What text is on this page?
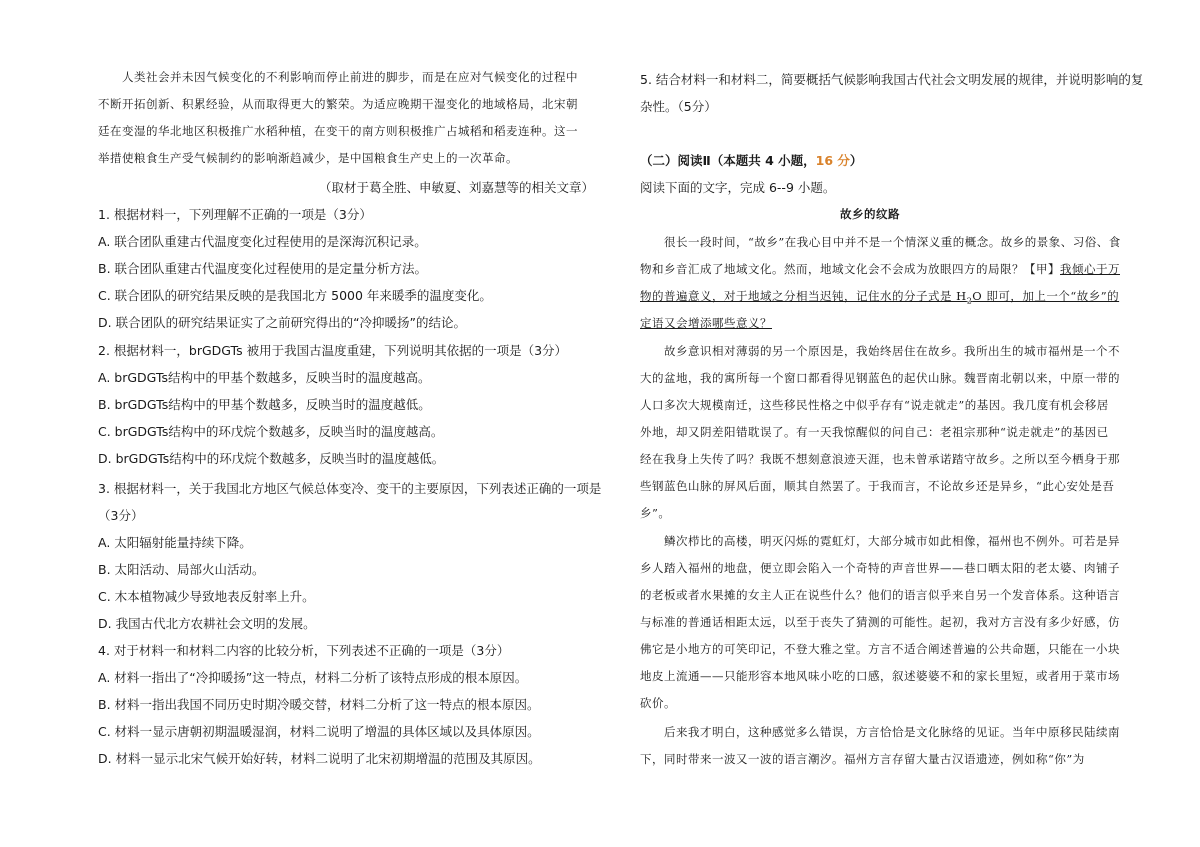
　　人类社会并未因气候变化的不利影响而停止前进的脚步，而是在应对气候变化的过程中
不断开拓创新、积累经验，从而取得更大的繁荣。为适应晚期干湿变化的地域格局，北宋朝
廷在变湿的华北地区积极推广水稻种植，在变干的南方则积极推广占城稻和稻麦连种。这一
举措使粮食生产受气候制约的影响渐趋减少，是中国粮食生产史上的一次革命。
（取材于葛全胜、申敏夏、刘嘉慧等的相关文章）
1. 根据材料一，下列理解不正确的一项是（3分）
A. 联合团队重建古代温度变化过程使用的是深海沉积记录。
B. 联合团队重建古代温度变化过程使用的是定量分析方法。
C. 联合团队的研究结果反映的是我国北方 5000 年来暖季的温度变化。
D. 联合团队的研究结果证实了之前研究得出的“冷抑暖扬”的结论。
2. 根据材料一，brGDGTs 被用于我国古温度重建，下列说明其依据的一项是（3分）
A. brGDGTs结构中的甲基个数越多，反映当时的温度越高。
B. brGDGTs结构中的甲基个数越多，反映当时的温度越低。
C. brGDGTs结构中的环戊烷个数越多，反映当时的温度越高。
D. brGDGTs结构中的环戊烷个数越多，反映当时的温度越低。
3. 根据材料一，关于我国北方地区气候总体变冷、变干的主要原因，下列表述正确的一项是
（3分）
A. 太阳辐射能量持续下降。
B. 太阳活动、局部火山活动。
C. 木本植物减少导致地表反射率上升。
D. 我国古代北方农耕社会文明的发展。
4. 对于材料一和材料二内容的比较分析，下列表述不正确的一项是（3分）
A. 材料一指出了“冷抑暖扬”这一特点，材料二分析了该特点形成的根本原因。
B. 材料一指出我国不同历史时期冷暖交替，材料二分析了这一特点的根本原因。
C. 材料一显示唐朝初期温暖湿润，材料二说明了增温的具体区域以及具体原因。
D. 材料一显示北宋气候开始好转，材料二说明了北宋初期增温的范围及其原因。
5. 结合材料一和材料二，简要概括气候影响我国古代社会文明发展的规律，并说明影响的复
杂性。（5分）
（二）阅读Ⅱ（本题共 4 小题，16 分）
阅读下面的文字，完成 6--9 小题。
故乡的纹路
　　很长一段时间，“故乡”在我心目中并不是一个情深义重的概念。故乡的景象、习俗、食
物和乡音汇成了地域文化。然而，地域文化会不会成为放眼四方的局限？【甲】我倾心于万
物的普遍意义，对于地域之分相当迟钝，记住水的分子式是 $H_2O$ 即可，加上一个“故乡”的
定语又会增添哪些意义？
　　故乡意识相对薄弱的另一个原因是，我始终居住在故乡。我所出生的城市福州是一个不
大的盆地，我的寓所每一个窗口都看得见钢蓝色的起伏山脉。魏晋南北朝以来，中原一带的
人口多次大规模南迁，这些移民性格之中似乎存有“说走就走”的基因。我几度有机会移居
外地，却又阴差阳错耽误了。有一天我惊醒似的问自己：老祖宗那种“说走就走”的基因已
经在我身上失传了吗？我既不想刻意浪迹天涯，也未曾承诺踏守故乡。之所以至今栖身于那
些钢蓝色山脉的屏风后面，顺其自然罢了。于我而言，不论故乡还是异乡，“此心安处是吾
乡”。
　　鳞次栉比的高楼，明灭闪烁的霓虹灯，大部分城市如此相像，福州也不例外。可若是异
乡人踏入福州的地盘，便立即会陷入一个奇特的声音世界——巷口晒太阳的老太婆、肉铺子
的老板或者水果摊的女主人正在说些什么？他们的语言似乎来自另一个发音体系。这种语言
与标准的普通话相距太远，以至于丧失了猜测的可能性。起初，我对方言没有多少好感，仿
佛它是小地方的可笑印记，不登大雅之堂。方言不适合阐述普遍的公共命题，只能在一小块
地皮上流通——只能形容本地风味小吃的口感，叙述婆婆不和的家长里短，或者用于菜市场
砍价。
　　后来我才明白，这种感觉多么错误，方言恰恰是文化脉络的见证。当年中原移民陆续南
下，同时带来一波又一波的语言潮汐。福州方言存留大量古汉语遗迹，例如称“你”为
